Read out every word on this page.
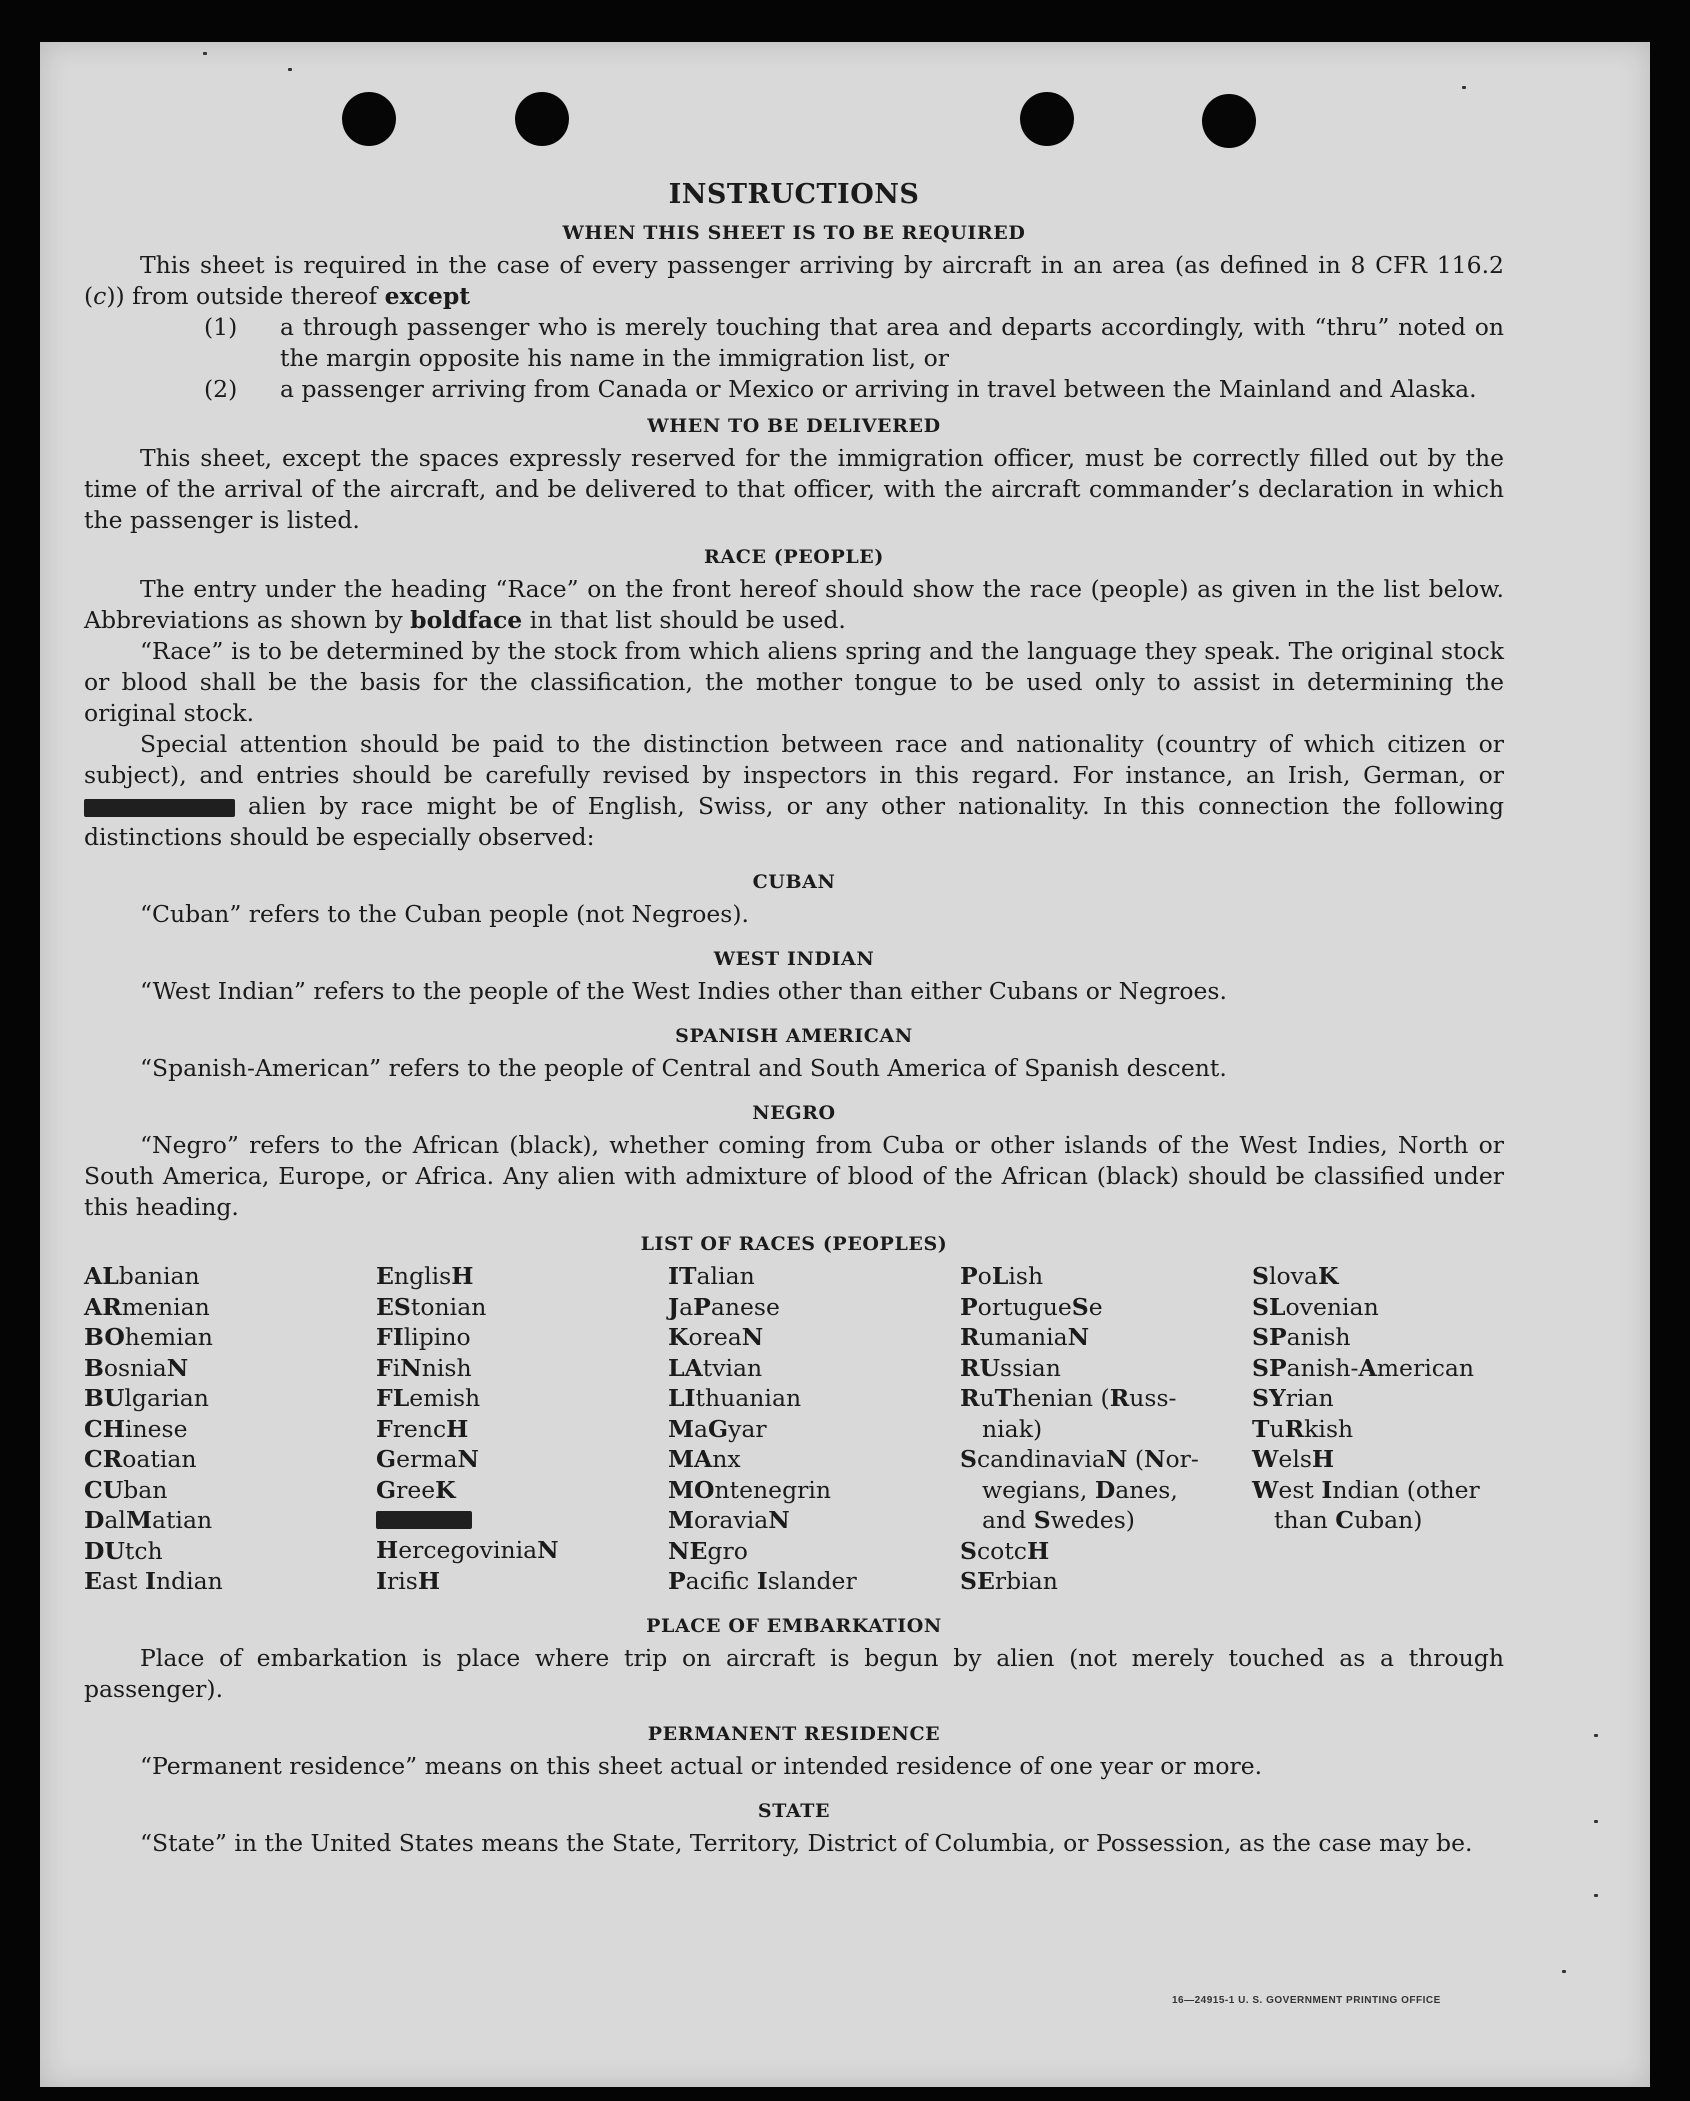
INSTRUCTIONS
WHEN THIS SHEET IS TO BE REQUIRED

This sheet is required in the case of every passenger arriving by aircraft in an area (as defined in 8 CFR 116.2 (c)) from outside thereof except

(1)	a through passenger who is merely touching that area and departs accordingly, with “thru” noted on the margin opposite his name in the immigration list, or
(2)	a passenger arriving from Canada or Mexico or arriving in travel between the Mainland and Alaska.
WHEN TO BE DELIVERED

This sheet, except the spaces expressly reserved for the immigration officer, must be correctly filled out by the time of the arrival of the aircraft, and be delivered to that officer, with the aircraft commander’s declaration in which the passenger is listed.

RACE (PEOPLE)

The entry under the heading “Race” on the front hereof should show the race (people) as given in the list below. Abbreviations as shown by boldface in that list should be used.

“Race” is to be determined by the stock from which aliens spring and the language they speak. The original stock or blood shall be the basis for the classification, the mother tongue to be used only to assist in determining the original stock.

Special attention should be paid to the distinction between race and nationality (country of which citizen or subject), and entries should be carefully revised by inspectors in this regard. For instance, an Irish, German, or  alien by race might be of English, Swiss, or any other nationality. In this connection the following distinctions should be especially observed:

CUBAN

“Cuban” refers to the Cuban people (not Negroes).

WEST INDIAN

“West Indian” refers to the people of the West Indies other than either Cubans or Negroes.

SPANISH AMERICAN

“Spanish-American” refers to the people of Central and South America of Spanish descent.

NEGRO

“Negro” refers to the African (black), whether coming from Cuba or other islands of the West Indies, North or South America, Europe, or Africa. Any alien with admixture of blood of the African (black) should be classified under this heading.

LIST OF RACES (PEOPLES)
ALbanian
ARmenian
BOhemian
BosniaN
BUlgarian
CHinese
CRoatian
CUban
DalMatian
DUtch
East Indian
EnglisH
EStonian
FIlipino
FiNnish
FLemish
FrencH
GermaN
GreeK
HercegoviniaN
IrisH
ITalian
JaPanese
KoreaN
LAtvian
LIthuanian
MaGyar
MAnx
MOntenegrin
MoraviaN
NEgro
Pacifc Islander
PoLish
PortugueSe
RumaniaN
RUssian
RuThenian (Russ-
niak)
ScandinaviaN (Nor-
wegians, Danes,
and Swedes)
ScotcH
SErbian
SlovaK
SLovenian
SPanish
SPanish-American
SYrian
TuRkish
WelsH
West Indian (other
than Cuban)
PLACE OF EMBARKATION

Place of embarkation is place where trip on aircraft is begun by alien (not merely touched as a through passenger).

PERMANENT RESIDENCE

“Permanent residence” means on this sheet actual or intended residence of one year or more.

STATE

“State” in the United States means the State, Territory, District of Columbia, or Possession, as the case may be.

16—24915-1 U. S. GOVERNMENT PRINTING OFFICE
